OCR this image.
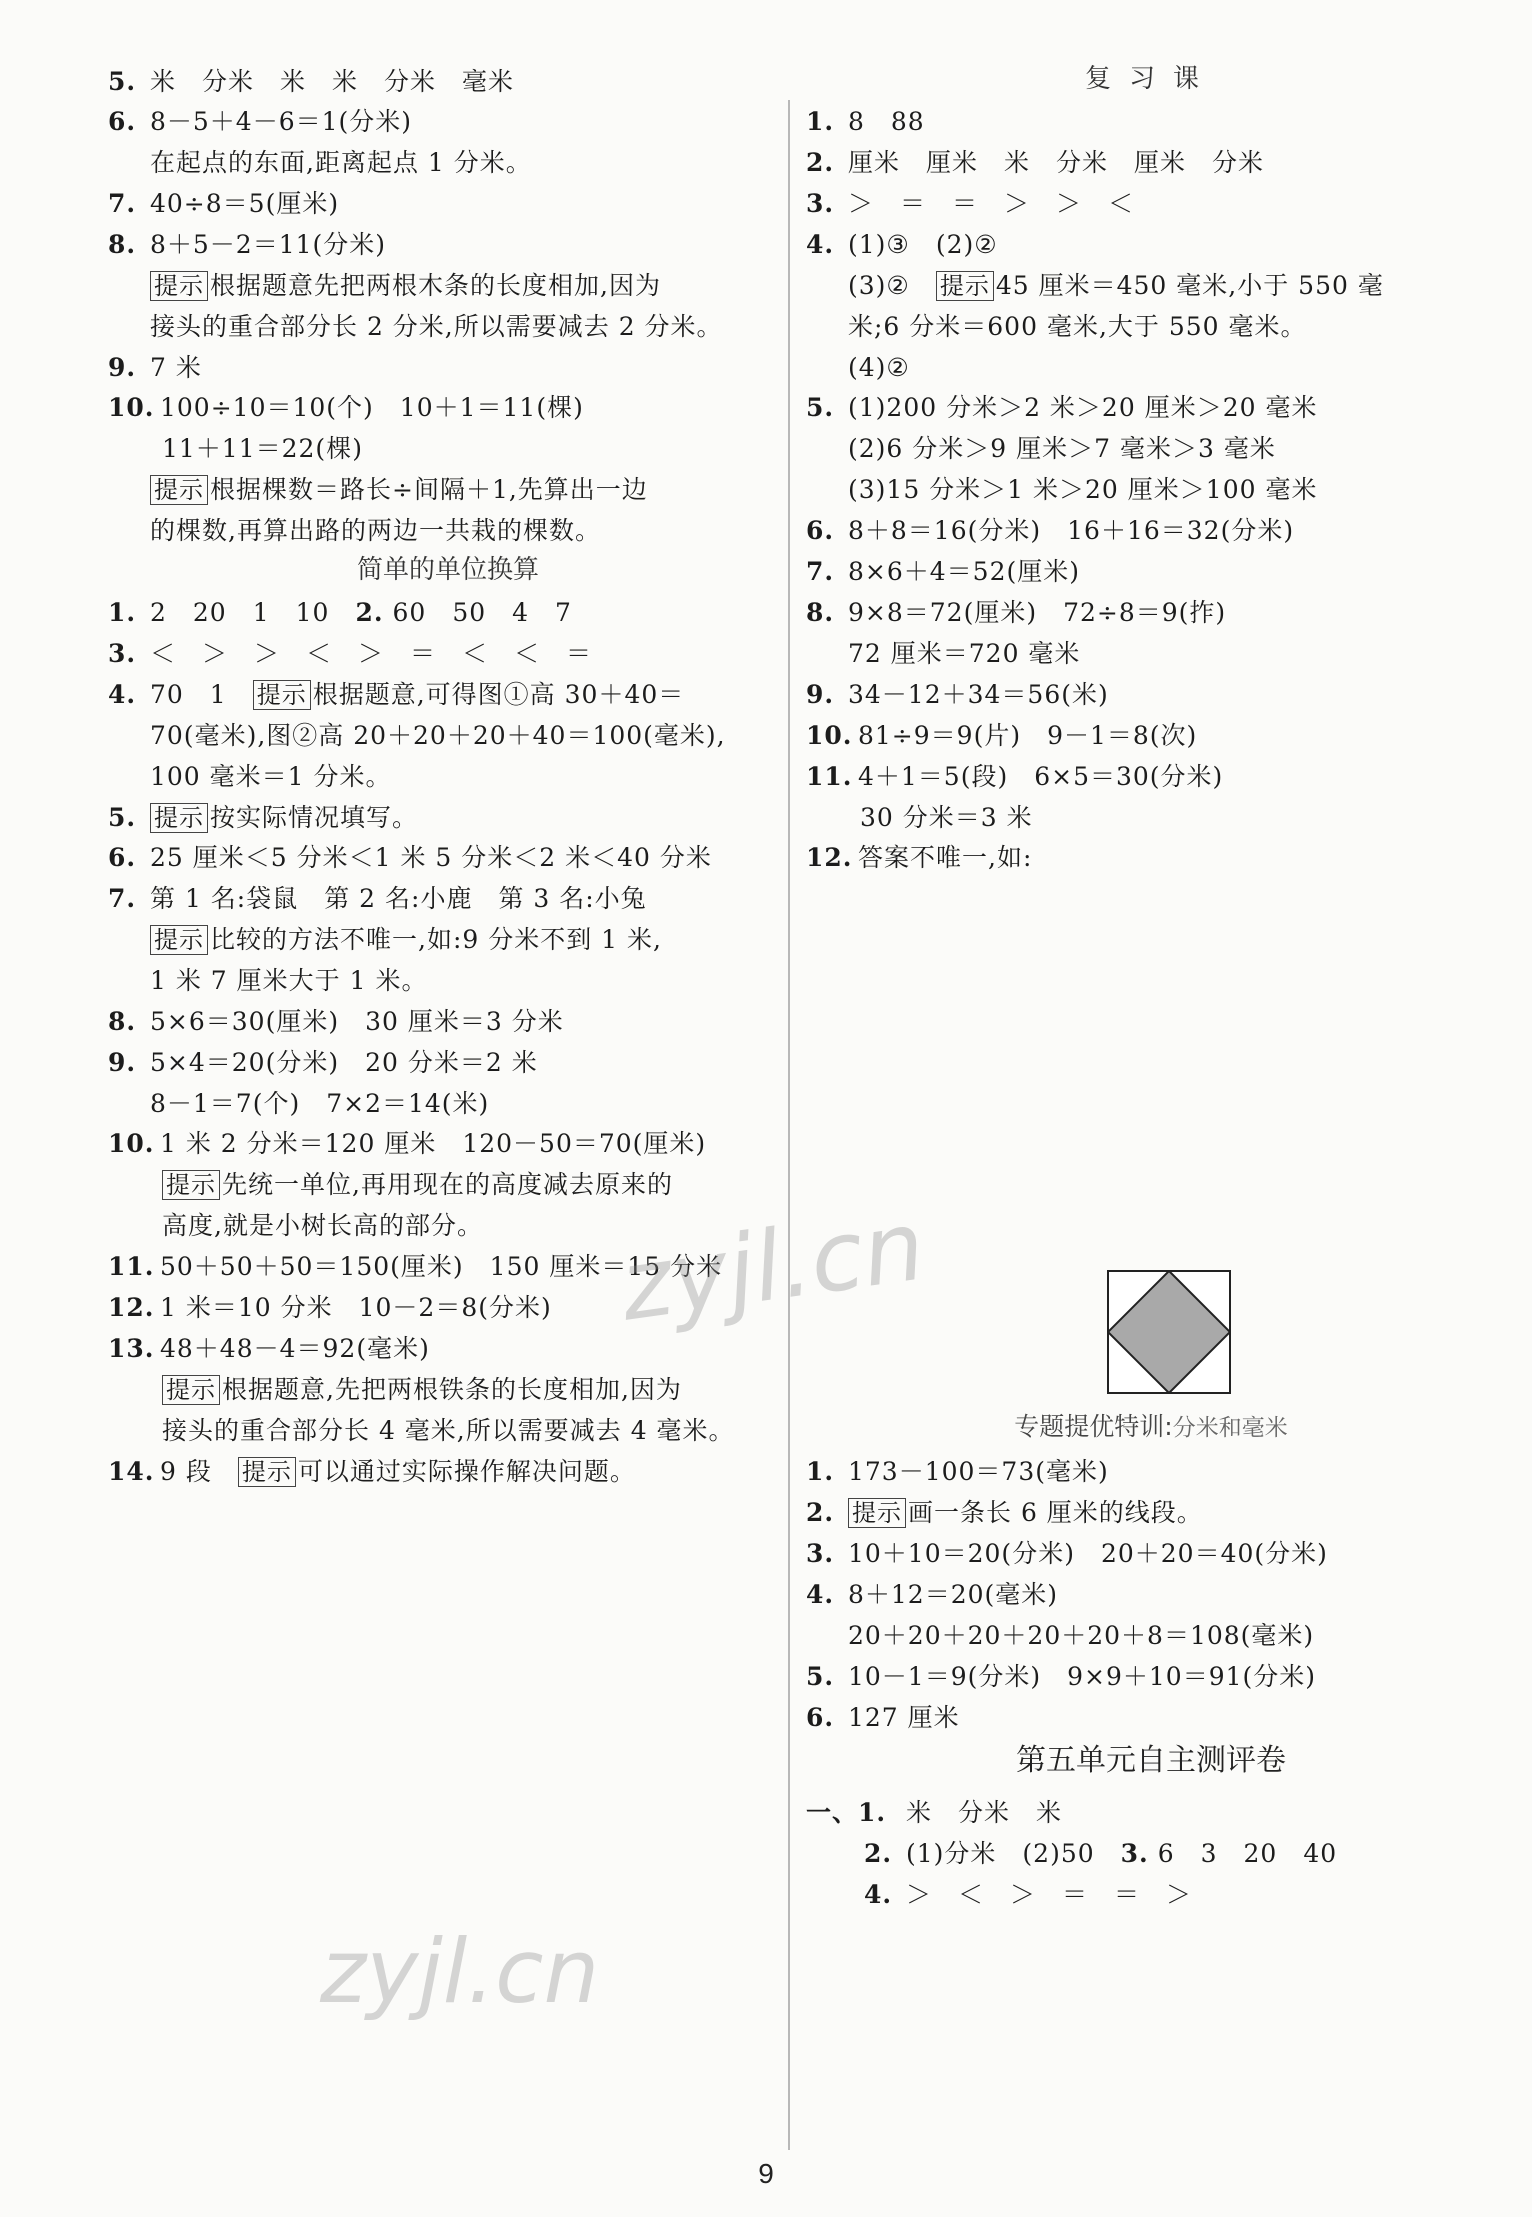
5. 米　分米　米　米　分米　毫米
6. 8－5＋4－6＝1(分米)
在起点的东面,距离起点 1 分米。
7. 40÷8＝5(厘米)
8. 8＋5－2＝11(分米)
提示 根据题意先把两根木条的长度相加,因为
接头的重合部分长 2 分米,所以需要减去 2 分米。
9. 7 米
10. 100÷10＝10(个)　10＋1＝11(棵)
11＋11＝22(棵)
提示 根据棵数＝路长÷间隔＋1,先算出一边
的棵数,再算出路的两边一共栽的棵数。
简单的单位换算
1. 2　20　1　10　 2. 60　50　4　7
3. ＜　＞　＞　＜　＞　＝　＜　＜　＝
4. 70　1　 提示 根据题意,可得图①高 30＋40＝
70(毫米),图②高 20＋20＋20＋40＝100(毫米),
100 毫米＝1 分米。
5. 提示 按实际情况填写。
6. 25 厘米＜5 分米＜1 米 5 分米＜2 米＜40 分米
7. 第 1 名:袋鼠　第 2 名:小鹿　第 3 名:小兔
提示 比较的方法不唯一,如:9 分米不到 1 米,
1 米 7 厘米大于 1 米。
8. 5×6＝30(厘米)　30 厘米＝3 分米
9. 5×4＝20(分米)　20 分米＝2 米
8－1＝7(个)　7×2＝14(米)
10. 1 米 2 分米＝120 厘米　120－50＝70(厘米)
提示 先统一单位,再用现在的高度减去原来的
高度,就是小树长高的部分。
11. 50＋50＋50＝150(厘米)　150 厘米＝15 分米
12. 1 米＝10 分米　10－2＝8(分米)
13. 48＋48－4＝92(毫米)
提示 根据题意,先把两根铁条的长度相加,因为
接头的重合部分长 4 毫米,所以需要减去 4 毫米。
14. 9 段　 提示 可以通过实际操作解决问题。
复习课
1. 8　88
2. 厘米　厘米　米　分米　厘米　分米
3. ＞　＝　＝　＞　＞　＜
4. (1)③　(2)②
(3)②　 提示 45 厘米＝450 毫米,小于 550 毫
米;6 分米＝600 毫米,大于 550 毫米。
(4)②
5. (1)200 分米＞2 米＞20 厘米＞20 毫米
(2)6 分米＞9 厘米＞7 毫米＞3 毫米
(3)15 分米＞1 米＞20 厘米＞100 毫米
6. 8＋8＝16(分米)　16＋16＝32(分米)
7. 8×6＋4＝52(厘米)
8. 9×8＝72(厘米)　72÷8＝9(拃)
72 厘米＝720 毫米
9. 34－12＋34＝56(米)
10. 81÷9＝9(片)　9－1＝8(次)
11. 4＋1＝5(段)　6×5＝30(分米)
30 分米＝3 米
12. 答案不唯一,如:
专题提优特训:分米和毫米
1. 173－100＝73(毫米)
2. 提示 画一条长 6 厘米的线段。
3. 10＋10＝20(分米)　20＋20＝40(分米)
4. 8＋12＝20(毫米)
20＋20＋20＋20＋20＋8＝108(毫米)
5. 10－1＝9(分米)　9×9＋10＝91(分米)
6. 127 厘米
第五单元自主测评卷
一、1. 米　分米　米
2. (1)分米　(2)50　 3. 6　3　20　40
4. ＞　＜　＞　＝　＝　＞
zyjl.cn
zyjl.cn
9
